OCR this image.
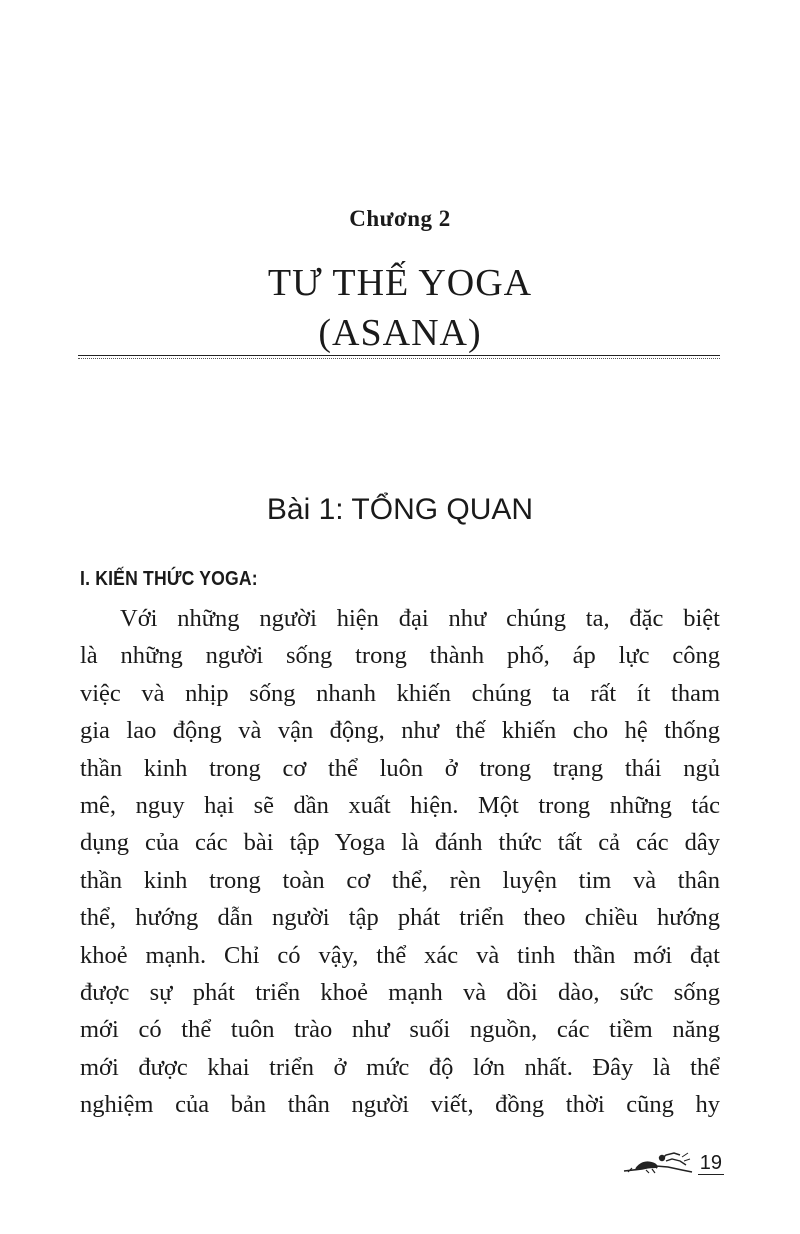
Chương 2
TƯ THẾ YOGA
(ASANA)
Bài 1: TỔNG QUAN
I. KIẾN THỨC YOGA:
Với những người hiện đại như chúng ta, đặc biệt
là những người sống trong thành phố, áp lực công
việc và nhịp sống nhanh khiến chúng ta rất ít tham
gia lao động và vận động, như thế khiến cho hệ thống
thần kinh trong cơ thể luôn ở trong trạng thái ngủ
mê, nguy hại sẽ dần xuất hiện. Một trong những tác
dụng của các bài tập Yoga là đánh thức tất cả các dây
thần kinh trong toàn cơ thể, rèn luyện tim và thân
thể, hướng dẫn người tập phát triển theo chiều hướng
khoẻ mạnh. Chỉ có vậy, thể xác và tinh thần mới đạt
được sự phát triển khoẻ mạnh và dồi dào, sức sống
mới có thể tuôn trào như suối nguồn, các tiềm năng
mới được khai triển ở mức độ lớn nhất. Đây là thể
nghiệm của bản thân người viết, đồng thời cũng hy
19
